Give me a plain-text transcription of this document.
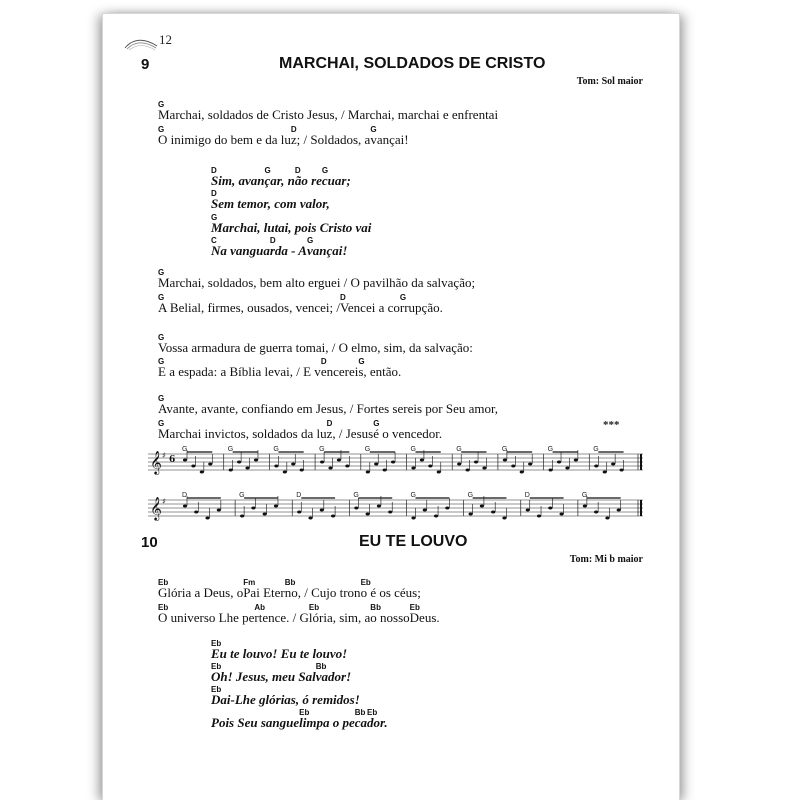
12
9	MARCHAI, SOLDADOS DE CRISTO
Tom: Sol maior
G
Marchai, soldados de Cristo Jesus, / Marchai, marchai e enfrentai
G
O inimigo do bem e da lu
D
z; / Soldados, a
G
vançai!
D
Sim, avan
G
çar, n
D
ão re
G
cuar;
D
Sem temor, com valor,
G
Marchai, lutai, pois Cristo vai
C
Na vangua
D
rda - A
G
vançai!
G
Marchai, soldados, bem alto erguei / O pavilhão da salvação;
G
A Belial, firmes, ousados, vencei; /
D
Vencei a co
G
rrupção.
G
Vossa armadura de guerra tomai, / O elmo, sim, da salvação:
G
E a espada: a Bíblia levai, / E v
D
encerei
G
s, então.
G
Avante, avante, confiando em Jesus, / Fortes sereis por Seu amor,
G
Marchai invictos, soldados da lu
D
z, / Jesus
G
é o vencedor.
***
𝄞 ♯ 𝟔
G	G	G	G	G	G	G	G	G	G
𝄞 ♯
D	G	D	G	G	G	D	G
10	EU TE LOUVO
Tom: Mi b maior
Eb
Glória a Deus, o
Fm
Pai Eter
Bb
no, / Cujo tron
Eb
o é os céus;
Eb
O universo Lhe pe
Ab
rtence. / G
Eb
lória, sim, a
Bb
o nosso
Eb
Deus.
Eb
Eu te louvo! Eu te louvo!
Eb
Oh! Jesus, meu Sal
Bb
vador!
Eb
Dai-Lhe glórias, ó remidos!
Pois Seu sangue
Eb
limpa o pe
Bb
ca
Eb
dor.
